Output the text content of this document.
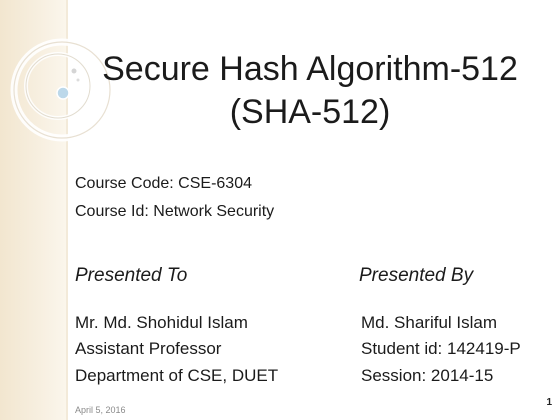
Secure Hash Algorithm-512
(SHA-512)
Course Code: CSE-6304
Course Id: Network Security
Presented To	Presented By
Mr. Md. Shohidul Islam
Assistant Professor
Department of CSE, DUET
Md. Shariful Islam
Student id: 142419-P
Session: 2014-15
April 5, 2016
1
